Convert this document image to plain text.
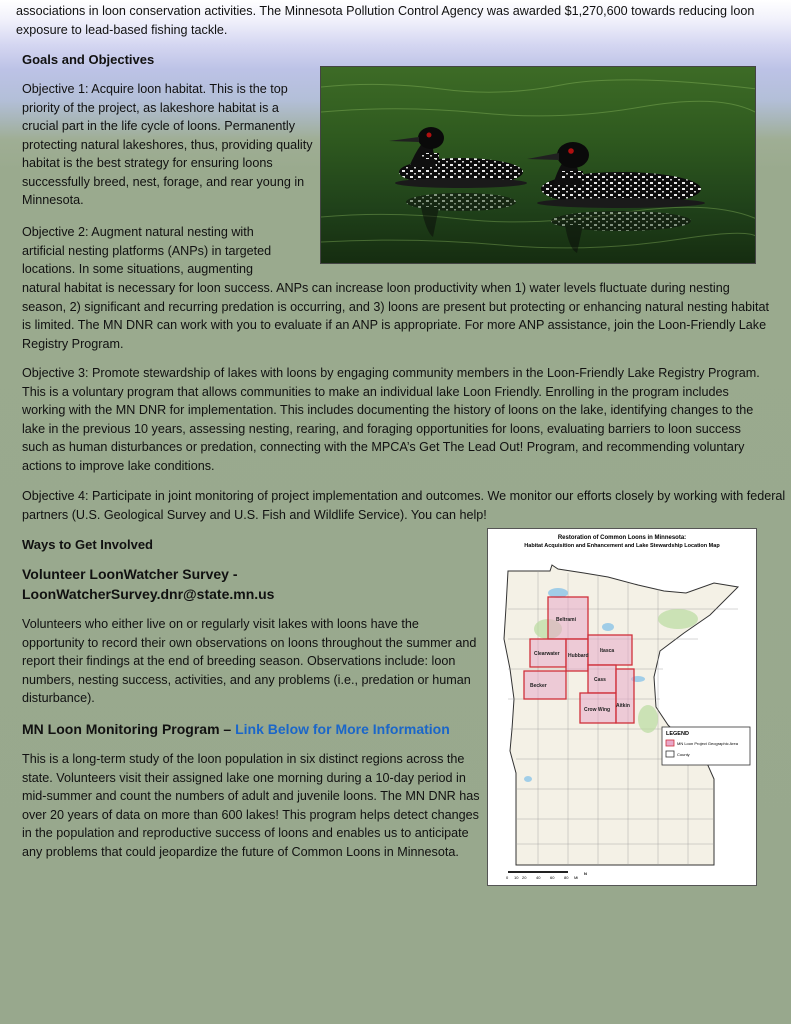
associations in loon conservation activities. The Minnesota Pollution Control Agency was awarded $1,270,600 towards reducing loon exposure to lead-based fishing tackle.

Goals and Objectives

Objective 1: Acquire loon habitat. This is the top priority of the project, as lakeshore habitat is a crucial part in the life cycle of loons. Permanently protecting natural lakeshores, thus, providing quality habitat is the best strategy for ensuring loons successfully breed, nest, forage, and rear young in Minnesota.

Objective 2: Augment natural nesting with artificial nesting platforms (ANPs) in targeted locations. In some situations, augmenting

natural habitat is necessary for loon success. ANPs can increase loon productivity when 1) water levels fluctuate during nesting season, 2) significant and recurring predation is occurring, and 3) loons are present but protecting or enhancing natural nesting habitat is limited. The MN DNR can work with you to evaluate if an ANP is appropriate. For more ANP assistance, join the Loon-Friendly Lake Registry Program.

Objective 3: Promote stewardship of lakes with loons by engaging community members in the Loon-Friendly Lake Registry Program. This is a voluntary program that allows communities to make an individual lake Loon Friendly. Enrolling in the program includes working with the MN DNR for implementation. This includes documenting the history of loons on the lake, identifying changes to the lake in the previous 10 years, assessing nesting, rearing, and foraging opportunities for loons, evaluating barriers to loon success such as human disturbances or predation, connecting with the MPCA’s Get The Lead Out! Program, and recommending voluntary actions to improve lake conditions.

Objective 4: Participate in joint monitoring of project implementation and outcomes. We monitor our efforts closely by working with federal partners (U.S. Geological Survey and U.S. Fish and Wildlife Service). You can help!

Ways to Get Involved

Volunteer LoonWatcher Survey -

LoonWatcherSurvey.dnr@state.mn.us

Volunteers who either live on or regularly visit lakes with loons have the opportunity to record their own observations on loons throughout the summer and report their findings at the end of breeding season. Observations include: loon numbers, nesting success, activities, and any problems (i.e., predation or human disturbance).

MN Loon Monitoring Program – Link Below for More Information

This is a long-term study of the loon population in six distinct regions across the state. Volunteers visit their assigned lake one morning during a 10-day period in mid-summer and count the numbers of adult and juvenile loons. The MN DNR has over 20 years of data on more than 600 lakes! This program helps detect changes in the population and reproductive success of loons and enables us to anticipate any problems that could jeopardize the future of Common Loons in Minnesota.

Restoration of Common Loons in Minnesota:
Habitat Acquisition and Enhancement and Lake Stewardship Location Map
Beltrami
Clearwater Hubbard
Itasca
Cass
Becker
Crow Wing
Aitkin
LEGEND
MN Loon Project Geographic Area
County
0 10 20 40 60 80 Mi
N
